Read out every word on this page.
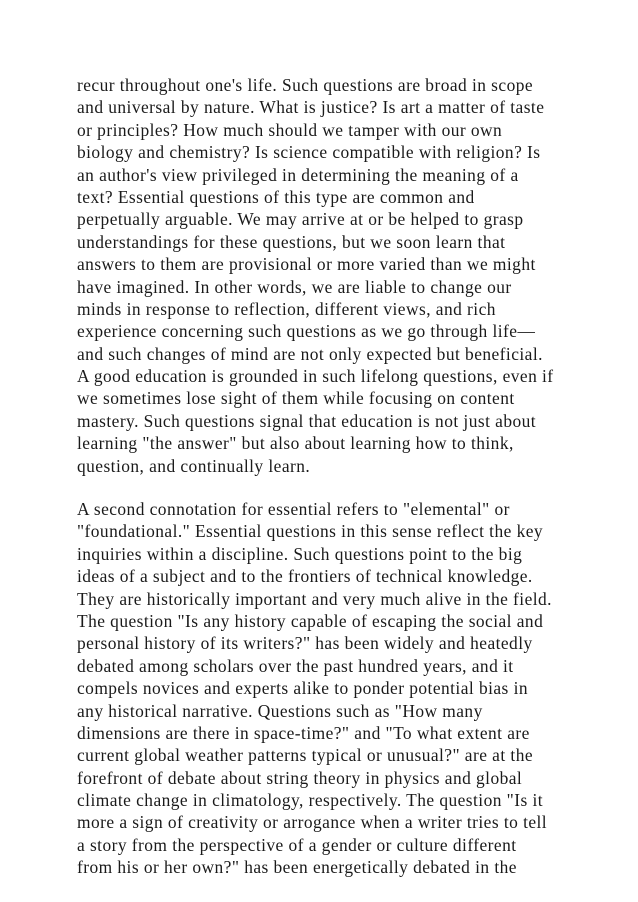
recur throughout one's life. Such questions are broad in scope
and universal by nature. What is justice? Is art a matter of taste
or principles? How much should we tamper with our own
biology and chemistry? Is science compatible with religion? Is
an author's view privileged in determining the meaning of a
text? Essential questions of this type are common and
perpetually arguable. We may arrive at or be helped to grasp
understandings for these questions, but we soon learn that
answers to them are provisional or more varied than we might
have imagined. In other words, we are liable to change our
minds in response to reflection, different views, and rich
experience concerning such questions as we go through life—
and such changes of mind are not only expected but beneficial.
A good education is grounded in such lifelong questions, even if
we sometimes lose sight of them while focusing on content
mastery. Such questions signal that education is not just about
learning "the answer" but also about learning how to think,
question, and continually learn.
A second connotation for essential refers to "elemental" or
"foundational." Essential questions in this sense reflect the key
inquiries within a discipline. Such questions point to the big
ideas of a subject and to the frontiers of technical knowledge.
They are historically important and very much alive in the field.
The question "Is any history capable of escaping the social and
personal history of its writers?" has been widely and heatedly
debated among scholars over the past hundred years, and it
compels novices and experts alike to ponder potential bias in
any historical narrative. Questions such as "How many
dimensions are there in space-time?" and "To what extent are
current global weather patterns typical or unusual?" are at the
forefront of debate about string theory in physics and global
climate change in climatology, respectively. The question "Is it
more a sign of creativity or arrogance when a writer tries to tell
a story from the perspective of a gender or culture different
from his or her own?" has been energetically debated in the
